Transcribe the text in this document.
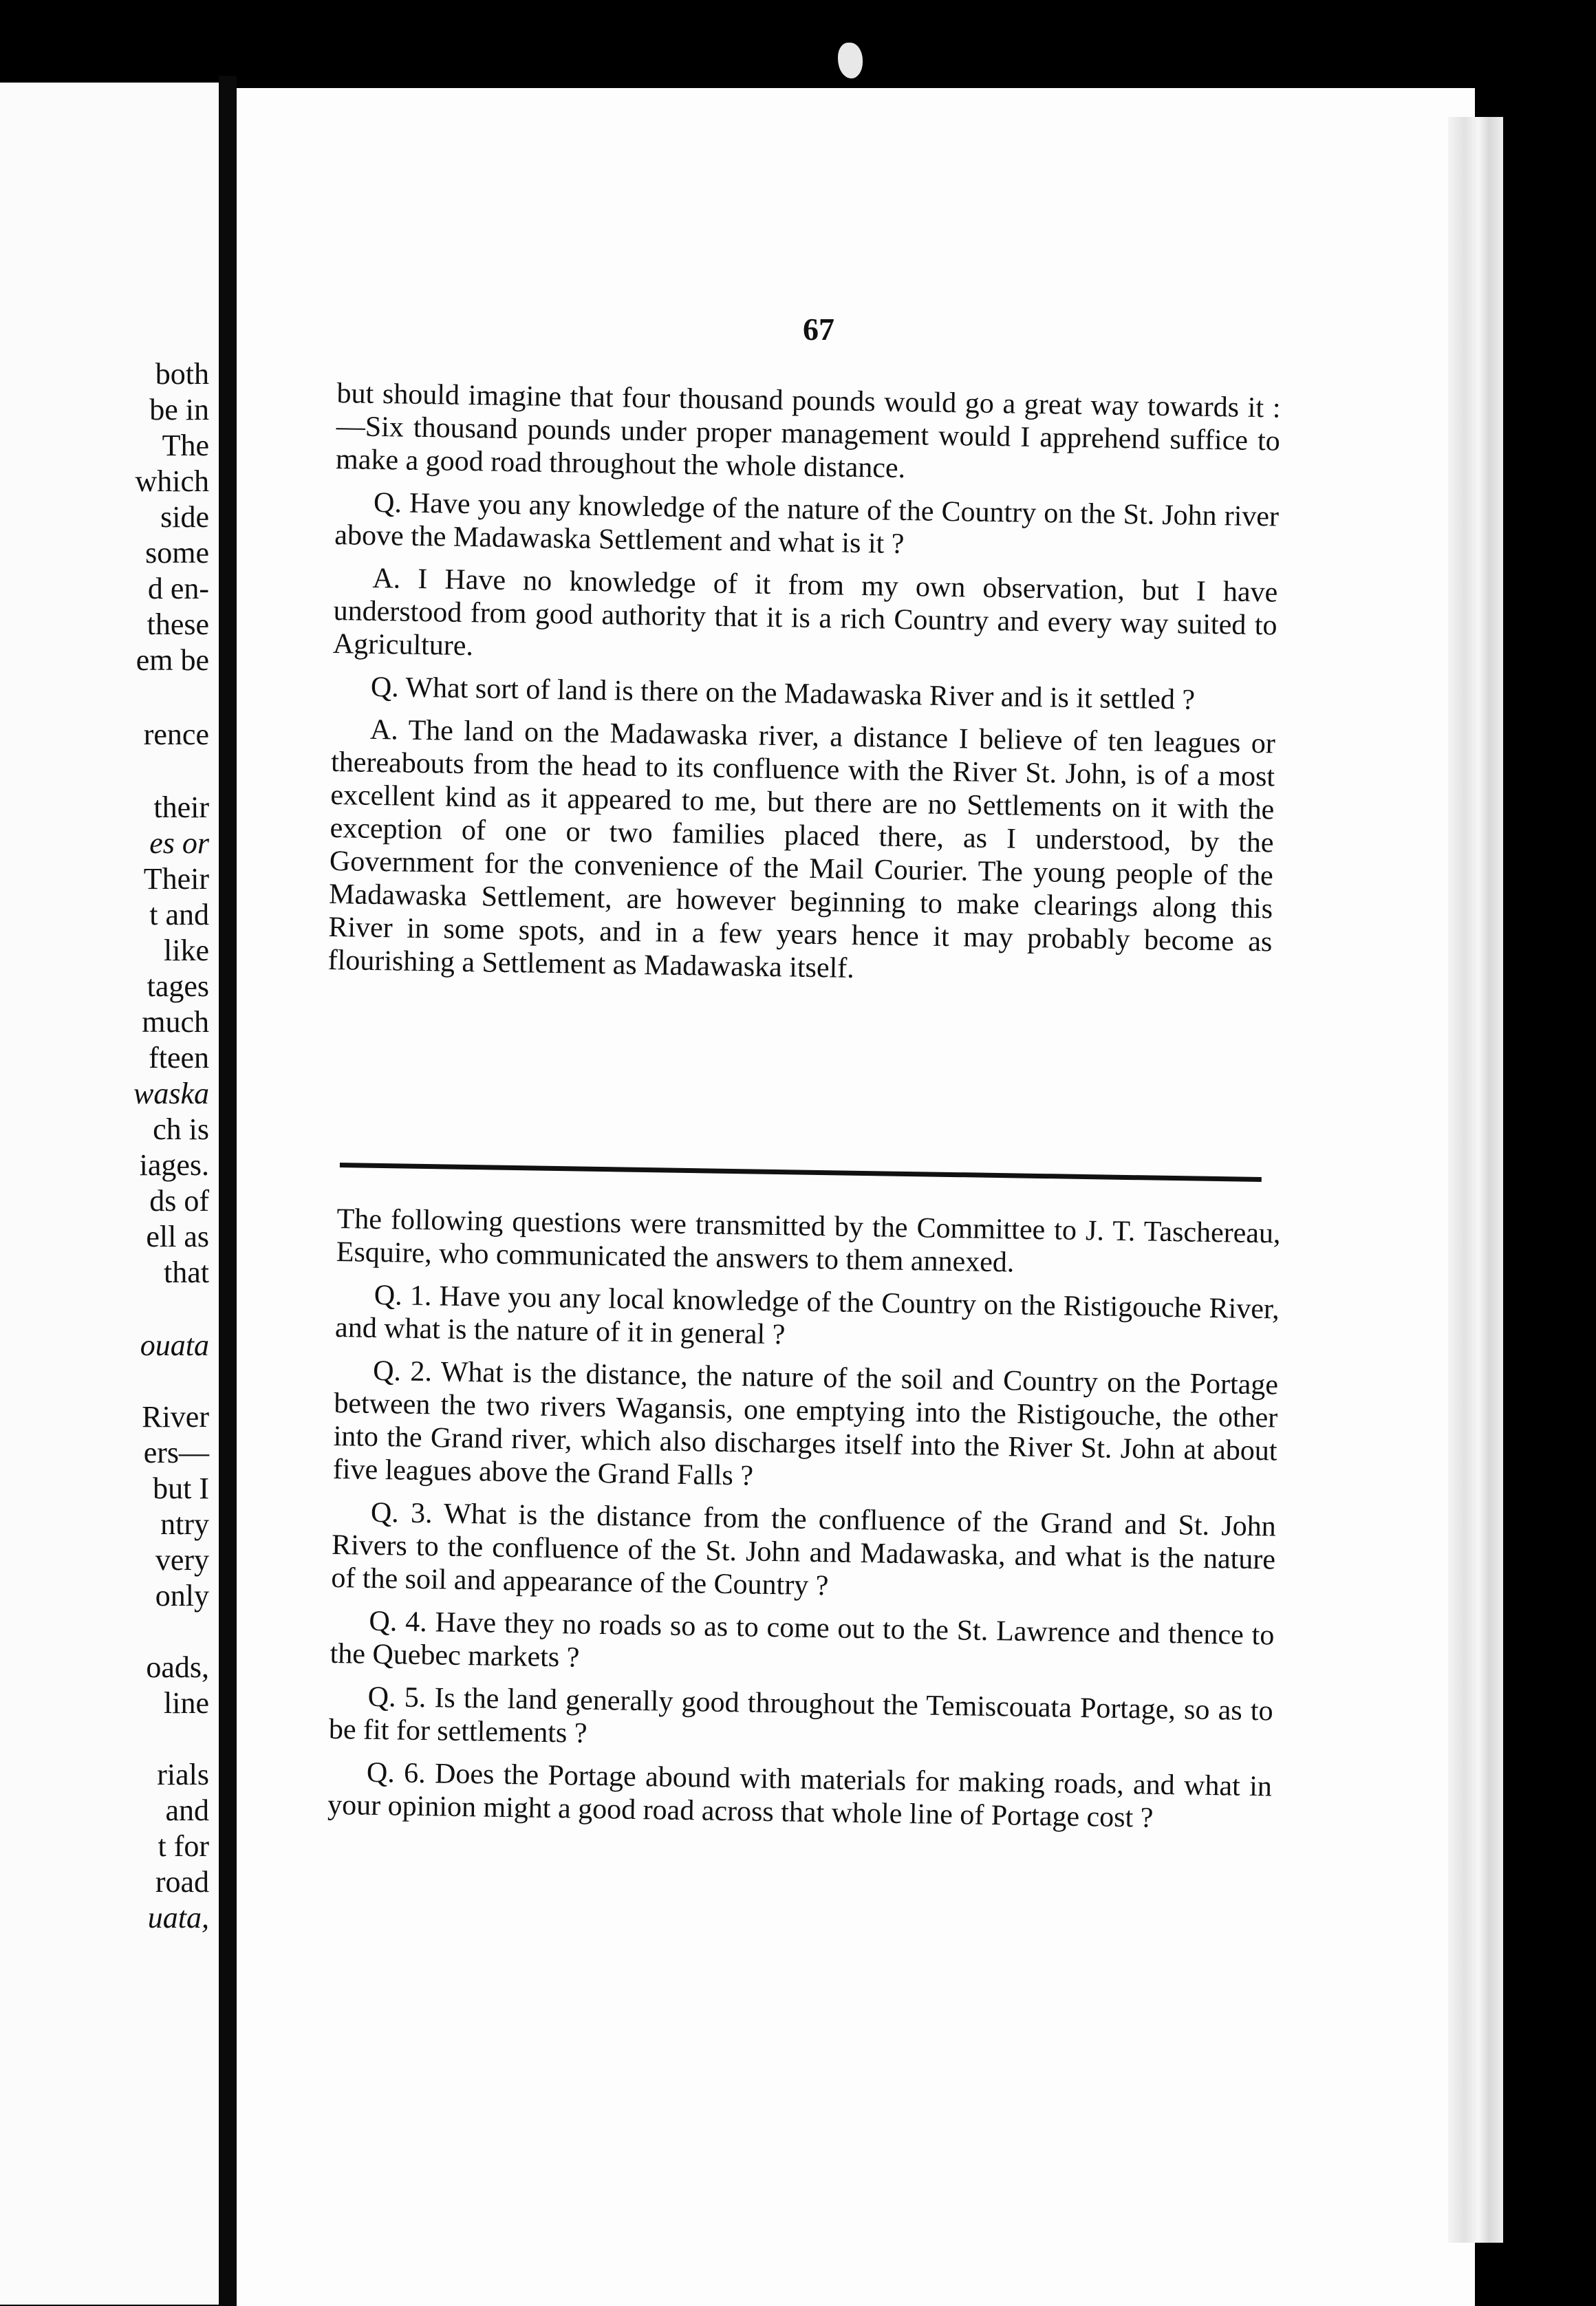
both
be in
The
which
side
some
d en-
these
em be
rence
their
es or
Their
t and
like
tages
much
fteen
waska
ch is
iages.
ds of
ell as
that
ouata
River
ers—
but I
ntry
very
only
oads,
line
rials
and
t for
road
uata,
67

but should imagine that four thousand pounds would go a great way towards it :—Six thousand pounds under proper management would I apprehend suffice to make a good road throughout the whole distance.

Q. Have you any knowledge of the nature of the Country on the St. John river above the Madawaska Settlement and what is it ?

A. I Have no knowledge of it from my own observation, but I have understood from good authority that it is a rich Country and every way suited to Agriculture.

Q. What sort of land is there on the Madawaska River and is it settled ?

A. The land on the Madawaska river, a distance I believe of ten leagues or thereabouts from the head to its confluence with the River St. John, is of a most excellent kind as it appeared to me, but there are no Settlements on it with the exception of one or two families placed there, as I understood, by the Government for the convenience of the Mail Courier. The young people of the Madawaska Settlement, are however beginning to make clearings along this River in some spots, and in a few years hence it may probably become as flourishing a Settlement as Madawaska itself.

The following questions were transmitted by the Committee to J. T. Taschereau, Esquire, who communicated the answers to them annexed.

Q. 1. Have you any local knowledge of the Country on the Ristigouche River, and what is the nature of it in general ?

Q. 2. What is the distance, the nature of the soil and Country on the Portage between the two rivers Wagansis, one emptying into the Ristigouche, the other into the Grand river, which also discharges itself into the River St. John at about five leagues above the Grand Falls ?

Q. 3. What is the distance from the confluence of the Grand and St. John Rivers to the confluence of the St. John and Madawaska, and what is the nature of the soil and appearance of the Country ?

Q. 4. Have they no roads so as to come out to the St. Lawrence and thence to the Quebec markets ?

Q. 5. Is the land generally good throughout the Temiscouata Portage, so as to be fit for settlements ?

Q. 6. Does the Portage abound with materials for making roads, and what in your opinion might a good road across that whole line of Portage cost ?
